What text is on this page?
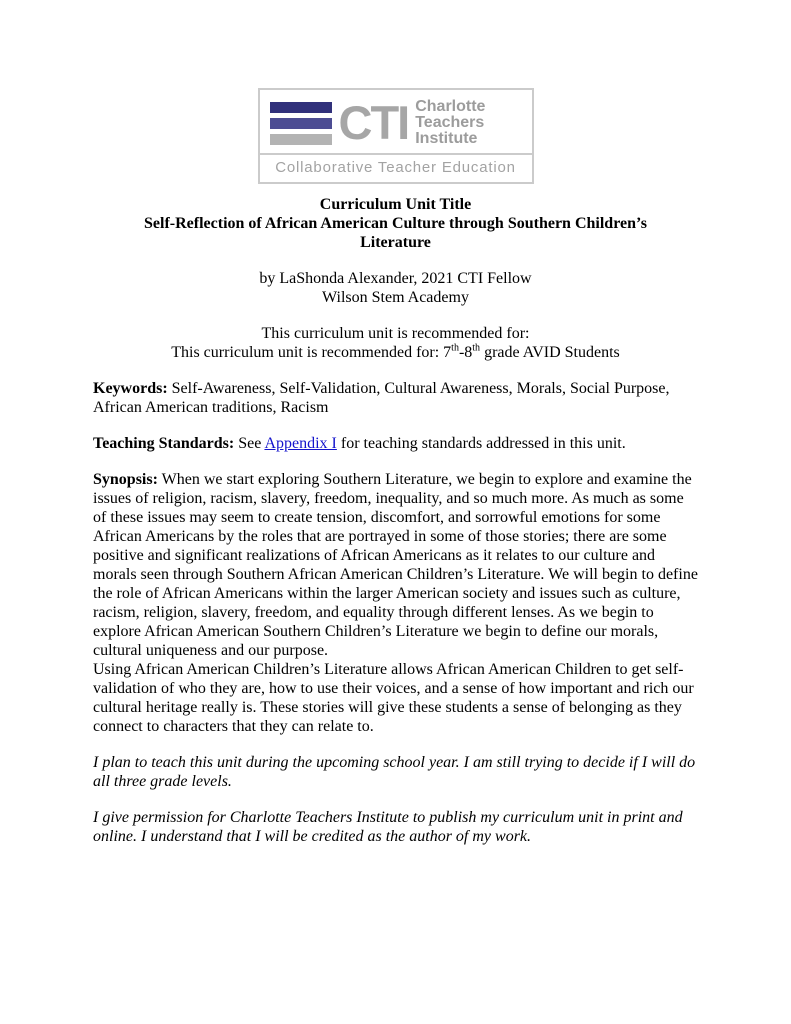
CTI Charlotte
Teachers
Institute
Collaborative Teacher Education
Curriculum Unit Title
Self-Reflection of African American Culture through Southern Children’s Literature
by LaShonda Alexander, 2021 CTI Fellow
Wilson Stem Academy
This curriculum unit is recommended for:
This curriculum unit is recommended for: 7th-8th grade AVID Students

Keywords: Self-Awareness, Self-Validation, Cultural Awareness, Morals, Social Purpose, African American traditions, Racism

Teaching Standards: See Appendix I for teaching standards addressed in this unit.

Synopsis: When we start exploring Southern Literature, we begin to explore and examine the issues of religion, racism, slavery, freedom, inequality, and so much more. As much as some of these issues may seem to create tension, discomfort, and sorrowful emotions for some African Americans by the roles that are portrayed in some of those stories; there are some positive and significant realizations of African Americans as it relates to our culture and morals seen through Southern African American Children’s Literature. We will begin to define the role of African Americans within the larger American society and issues such as culture, racism, religion, slavery, freedom, and equality through different lenses. As we begin to explore African American Southern Children’s Literature we begin to define our morals, cultural uniqueness and our purpose.

Using African American Children’s Literature allows African American Children to get self-validation of who they are, how to use their voices, and a sense of how important and rich our cultural heritage really is. These stories will give these students a sense of belonging as they connect to characters that they can relate to.

I plan to teach this unit during the upcoming school year. I am still trying to decide if I will do all three grade levels.

I give permission for Charlotte Teachers Institute to publish my curriculum unit in print and online. I understand that I will be credited as the author of my work.
